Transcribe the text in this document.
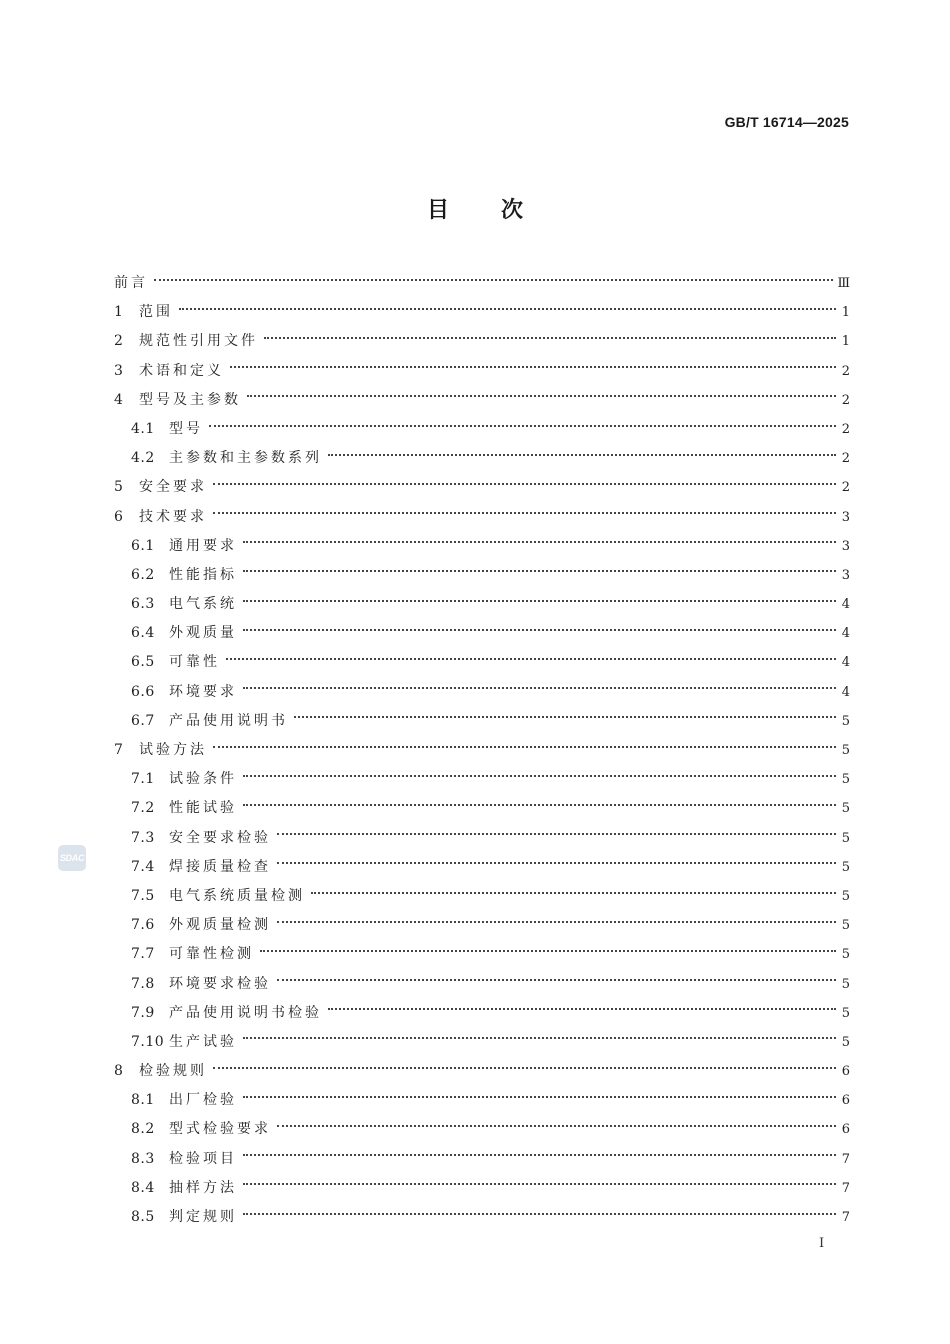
GB/T 16714—2025
目次
前言	Ⅲ
1	范围	1
2	规范性引用文件	1
3	术语和定义	2
4	型号及主参数	2
4.1	型号	2
4.2	主参数和主参数系列	2
5	安全要求	2
6	技术要求	3
6.1	通用要求	3
6.2	性能指标	3
6.3	电气系统	4
6.4	外观质量	4
6.5	可靠性	4
6.6	环境要求	4
6.7	产品使用说明书	5
7	试验方法	5
7.1	试验条件	5
7.2	性能试验	5
7.3	安全要求检验	5
7.4	焊接质量检查	5
7.5	电气系统质量检测	5
7.6	外观质量检测	5
7.7	可靠性检测	5
7.8	环境要求检验	5
7.9	产品使用说明书检验	5
7.10 生产试验	5
8	检验规则	6
8.1	出厂检验	6
8.2	型式检验要求	6
8.3	检验项目	7
8.4	抽样方法	7
8.5	判定规则	7
SDAC
I
